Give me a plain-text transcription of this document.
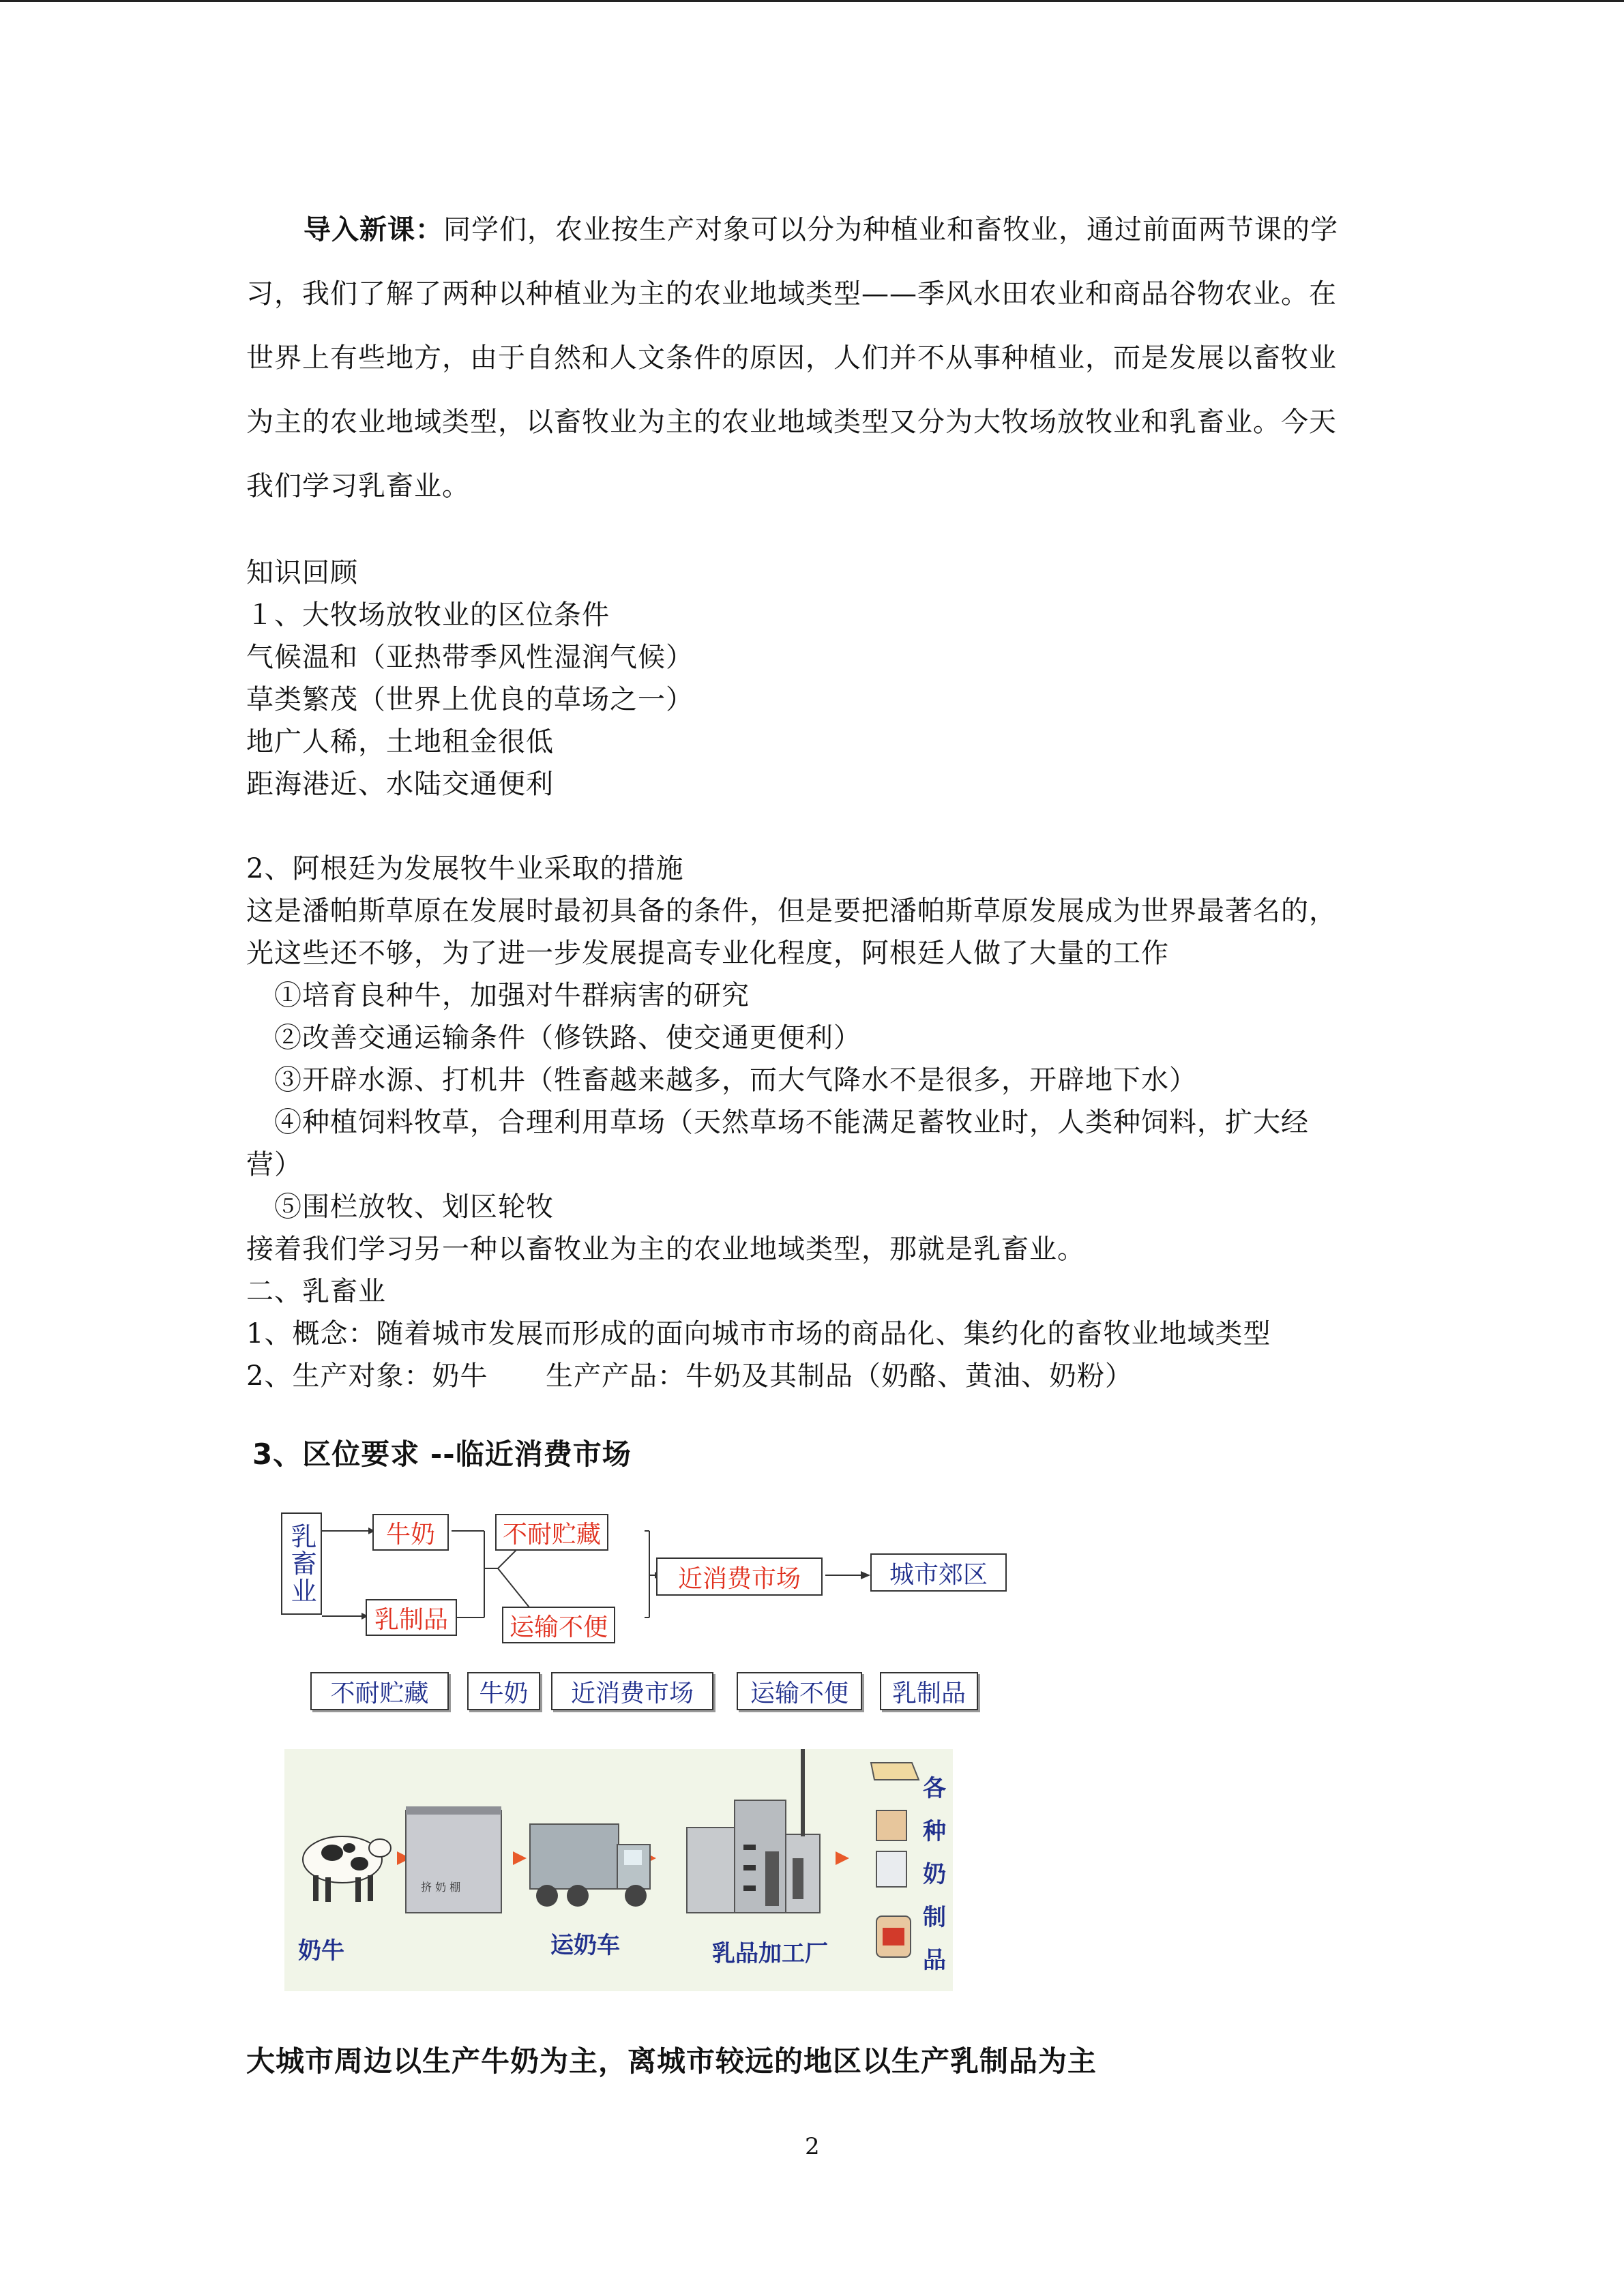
导入新课：同学们，农业按生产对象可以分为种植业和畜牧业，通过前面两节课的学
习，我们了解了两种以种植业为主的农业地域类型——季风水田农业和商品谷物农业。在
世界上有些地方，由于自然和人文条件的原因，人们并不从事种植业，而是发展以畜牧业
为主的农业地域类型，以畜牧业为主的农业地域类型又分为大牧场放牧业和乳畜业。今天
我们学习乳畜业。
知识回顾
１、大牧场放牧业的区位条件
气候温和（亚热带季风性湿润气候）
草类繁茂（世界上优良的草场之一）
地广人稀，土地租金很低
距海港近、水陆交通便利
2、阿根廷为发展牧牛业采取的措施
这是潘帕斯草原在发展时最初具备的条件，但是要把潘帕斯草原发展成为世界最著名的，
光这些还不够，为了进一步发展提高专业化程度，阿根廷人做了大量的工作
①培育良种牛，加强对牛群病害的研究
②改善交通运输条件（修铁路、使交通更便利）
③开辟水源、打机井（牲畜越来越多，而大气降水不是很多，开辟地下水）
④种植饲料牧草，合理利用草场（天然草场不能满足蓄牧业时，人类种饲料，扩大经
营）
⑤围栏放牧、划区轮牧
接着我们学习另一种以畜牧业为主的农业地域类型，那就是乳畜业。
二、乳畜业
1、概念：随着城市发展而形成的面向城市市场的商品化、集约化的畜牧业地域类型
2、生产对象：奶牛 生产产品：牛奶及其制品（奶酪、黄油、奶粉）
3、区位要求 --临近消费市场
乳畜业	牛奶
乳制品
不耐贮藏
运输不便
近消费市场	城市郊区
不耐贮藏	牛奶	近消费市场	运输不便	乳制品
挤 奶 棚
奶牛	运奶车	乳品加工厂
各
种
奶
制
品
大城市周边以生产牛奶为主，离城市较远的地区以生产乳制品为主
2
